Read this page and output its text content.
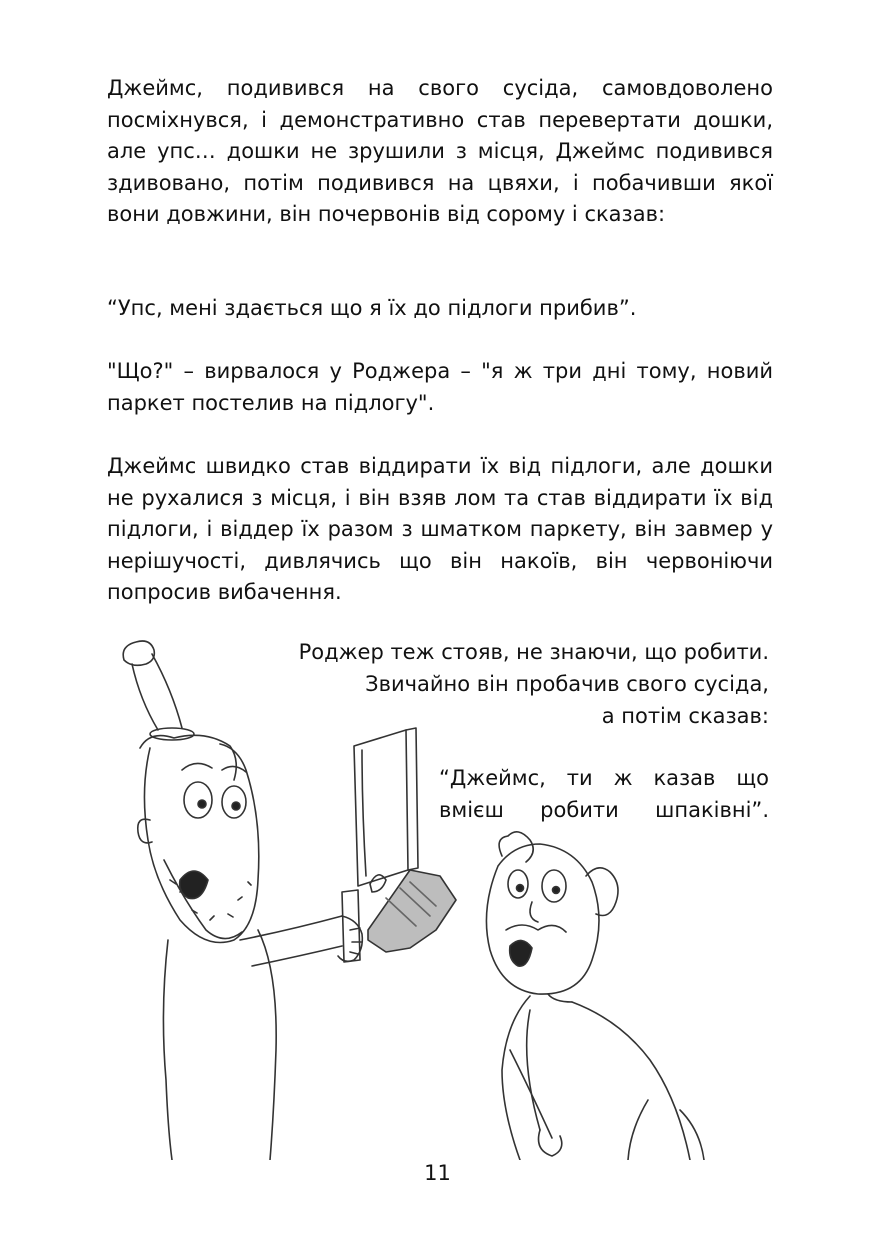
Джеймс, подивився на свого сусіда, самовдоволено посміхнувся, і демонстративно став перевертати дошки, але упс… дошки не зрушили з місця, Джеймс подивився здивовано, потім подивився на цвяхи, і побачивши якої вони довжини, він почервонів від сорому і сказав:

“Упс, мені здається що я їх до підлоги прибив”.

"Що?" – вирвалося у Роджера – "я ж три дні тому, новий паркет постелив на підлогу".

Джеймс швидко став віддирати їх від підлоги, але дошки не рухалися з місця, і він взяв лом та став віддирати їх від підлоги, і віддер їх разом з шматком паркету, він завмер у нерішучості, дивлячись що він накоїв, він червоніючи попросив вибачення.

Роджер теж стояв, не знаючи, що робити.
Звичайно він пробачив свого сусіда,
а потім сказав:
“Джеймс, ти ж казав що
вмієш робити шпаківні”.
11
